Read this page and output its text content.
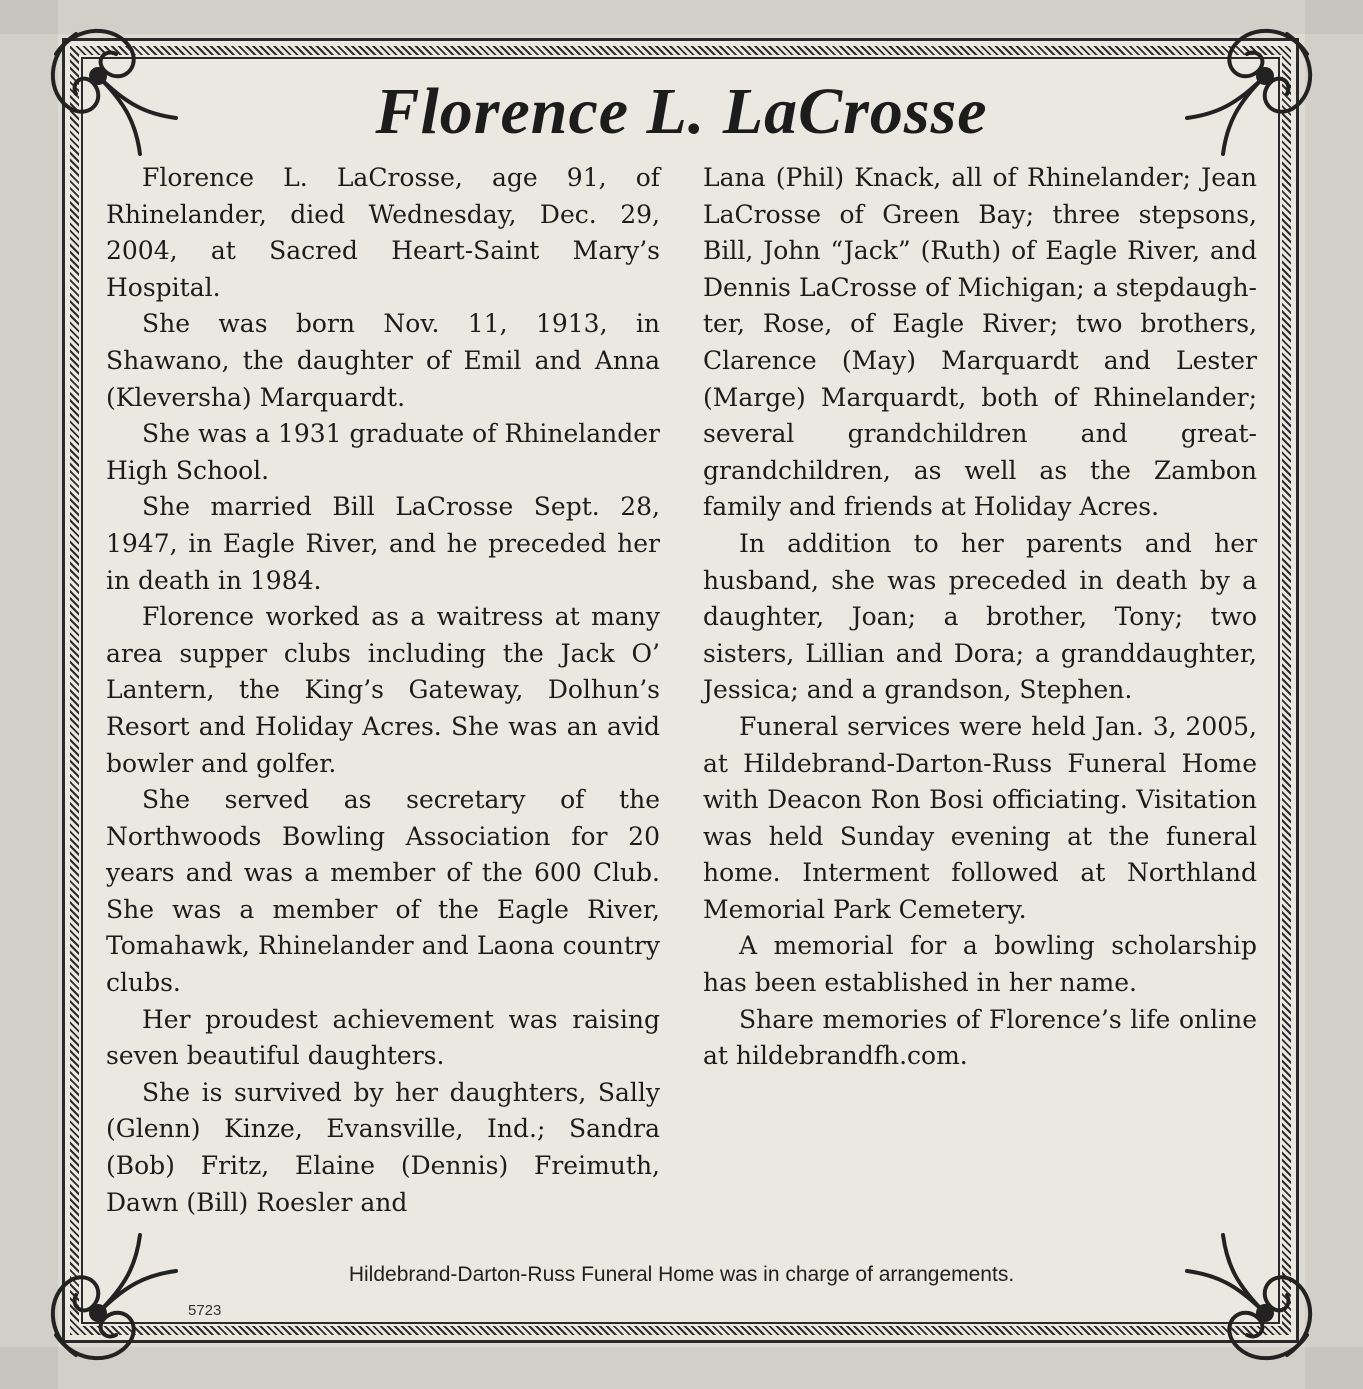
Florence L. LaCrosse

Florence L. LaCrosse, age 91, of Rhinelander, died Wednesday, Dec. 29, 2004, at Sacred Heart-Saint Mary’s Hospital.

She was born Nov. 11, 1913, in Shawano, the daughter of Emil and Anna (Kleversha) Marquardt.

She was a 1931 graduate of Rhinelander High School.

She married Bill LaCrosse Sept. 28, 1947, in Eagle River, and he preceded her in death in 1984.

Florence worked as a waitress at many area supper clubs including the Jack O’ Lantern, the King’s Gateway, Dolhun’s Resort and Holiday Acres. She was an avid bowler and golfer.

She served as secretary of the Northwoods Bowling Association for 20 years and was a member of the 600 Club. She was a member of the Eagle River, Tomahawk, Rhinelander and Laona country clubs.

Her proudest achievement was raising seven beautiful daughters.

She is survived by her daughters, Sally (Glenn) Kinze, Evansville, Ind.; Sandra (Bob) Fritz, Elaine (Dennis) Freimuth, Dawn (Bill) Roesler and

Lana (Phil) Knack, all of Rhinelander; Jean LaCrosse of Green Bay; three stepsons, Bill, John “Jack” (Ruth) of Eagle River, and Dennis LaCrosse of Michigan; a stepdaughter, Rose, of Eagle River; two brothers, Clarence (May) Marquardt and Lester (Marge) Marquardt, both of Rhinelander; several grandchildren and great-grandchildren, as well as the Zambon family and friends at Holiday Acres.

In addition to her parents and her husband, she was preceded in death by a daughter, Joan; a brother, Tony; two sisters, Lillian and Dora; a granddaughter, Jessica; and a grandson, Stephen.

Funeral services were held Jan. 3, 2005, at Hildebrand-Darton-Russ Funeral Home with Deacon Ron Bosi officiating. Visitation was held Sunday evening at the funeral home. Interment followed at Northland Memorial Park Cemetery.

A memorial for a bowling scholarship has been established in her name.

Share memories of Florence’s life online at hildebrandfh.com.

Hildebrand-Darton-Russ Funeral Home was in charge of arrangements.

5723
